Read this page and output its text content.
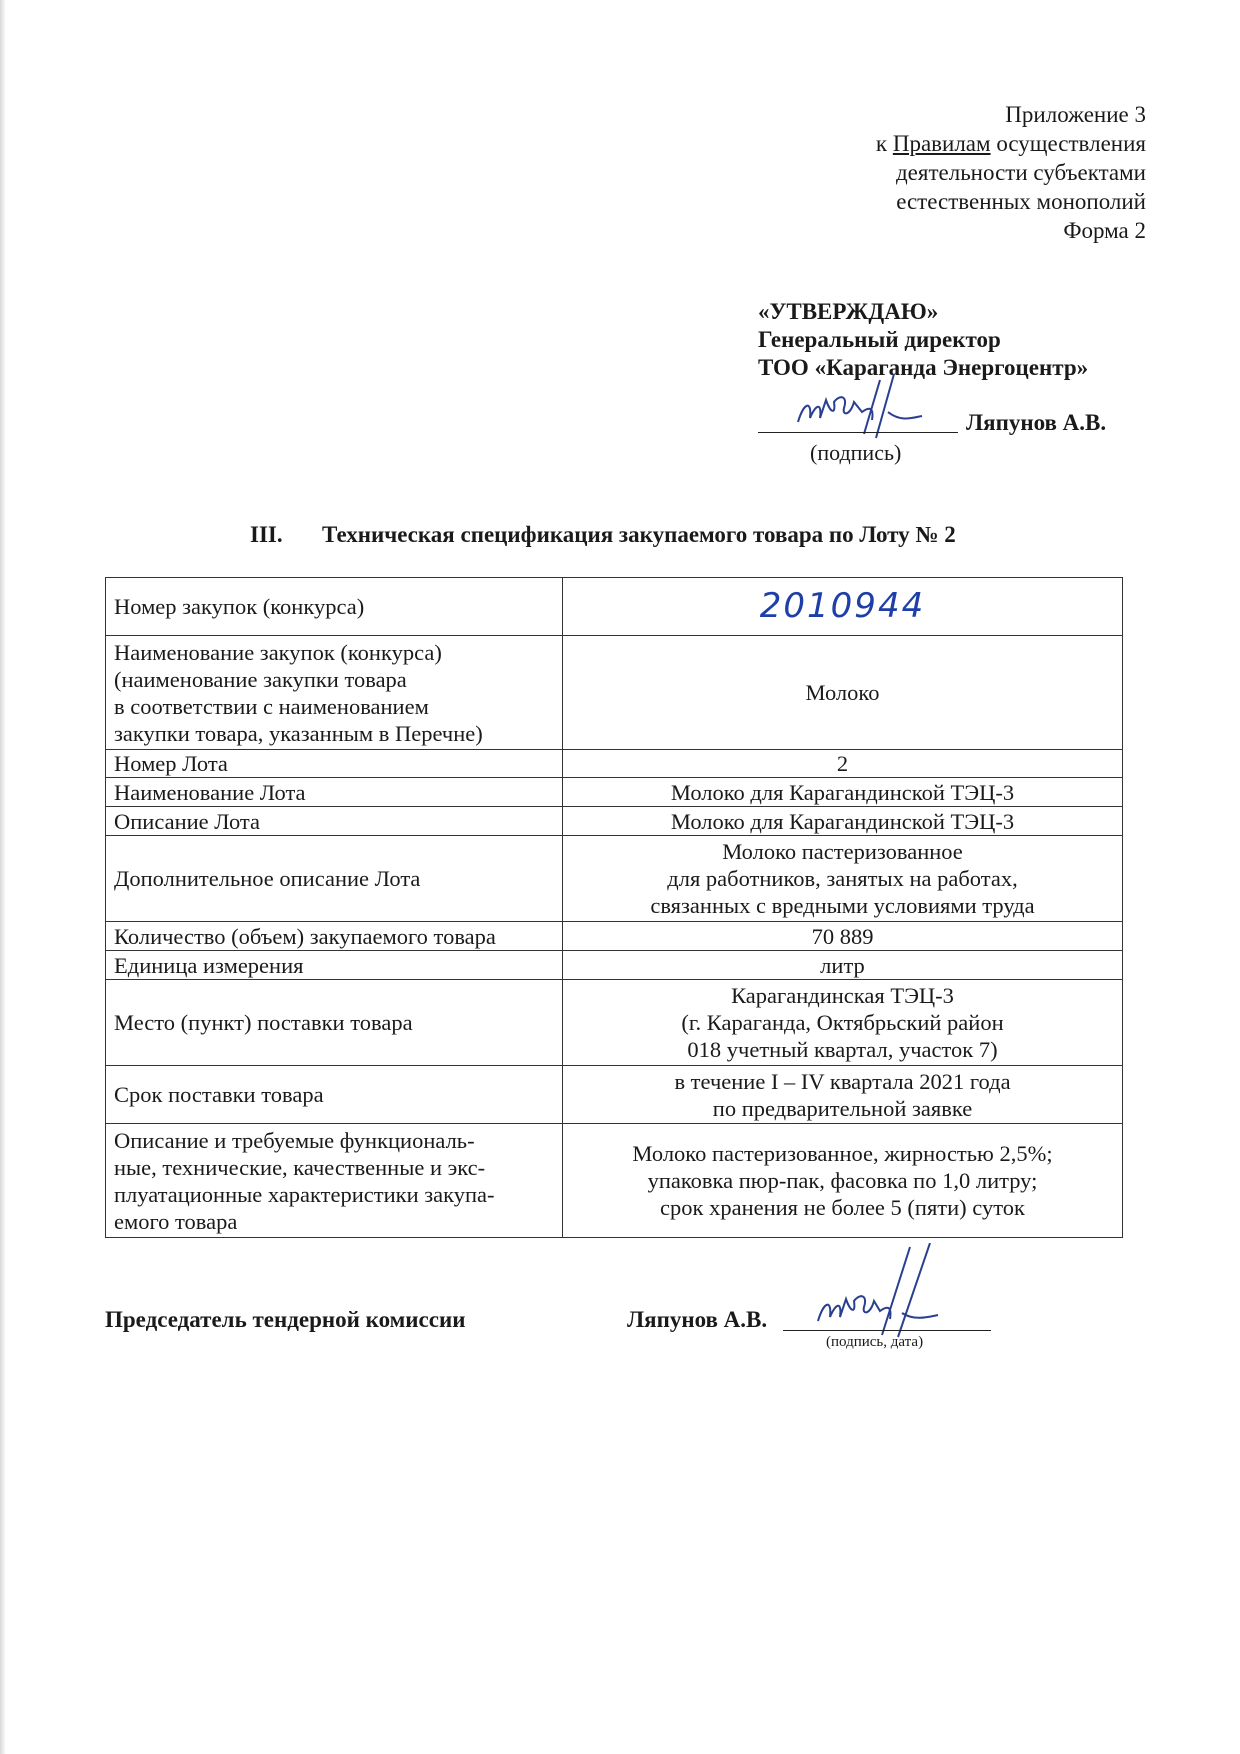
Приложение 3
к Правилам осуществления
деятельности субъектами
естественных монополий
Форма 2
«УТВЕРЖДАЮ»
Генеральный директор
ТОО «Караганда Энергоцентр»
Ляпунов А.В.
(подпись)
III. Техническая спецификация закупаемого товара по Лоту № 2
Номер закупок (конкурса)	2010944
Наименование закупок (конкурса)
(наименование закупки товара
в соответствии с наименованием
закупки товара, указанным в Перечне)	Молоко
Номер Лота	2
Наименование Лота	Молоко для Карагандинской ТЭЦ-3
Описание Лота	Молоко для Карагандинской ТЭЦ-3
Дополнительное описание Лота	Молоко пастеризованное
для работников, занятых на работах,
связанных с вредными условиями труда
Количество (объем) закупаемого товара	70 889
Единица измерения	литр
Место (пункт) поставки товара	Карагандинская ТЭЦ-3
(г. Караганда, Октябрьский район
018 учетный квартал, участок 7)
Срок поставки товара	в течение I – IV квартала 2021 года
по предварительной заявке
Описание и требуемые функциональ-
ные, технические, качественные и экс-
плуатационные характеристики закупа-
емого товара	Молоко пастеризованное, жирностью 2,5%;
упаковка пюр-пак, фасовка по 1,0 литру;
срок хранения не более 5 (пяти) суток
Председатель тендерной комиссии	Ляпунов А.В.
(подпись, дата)
